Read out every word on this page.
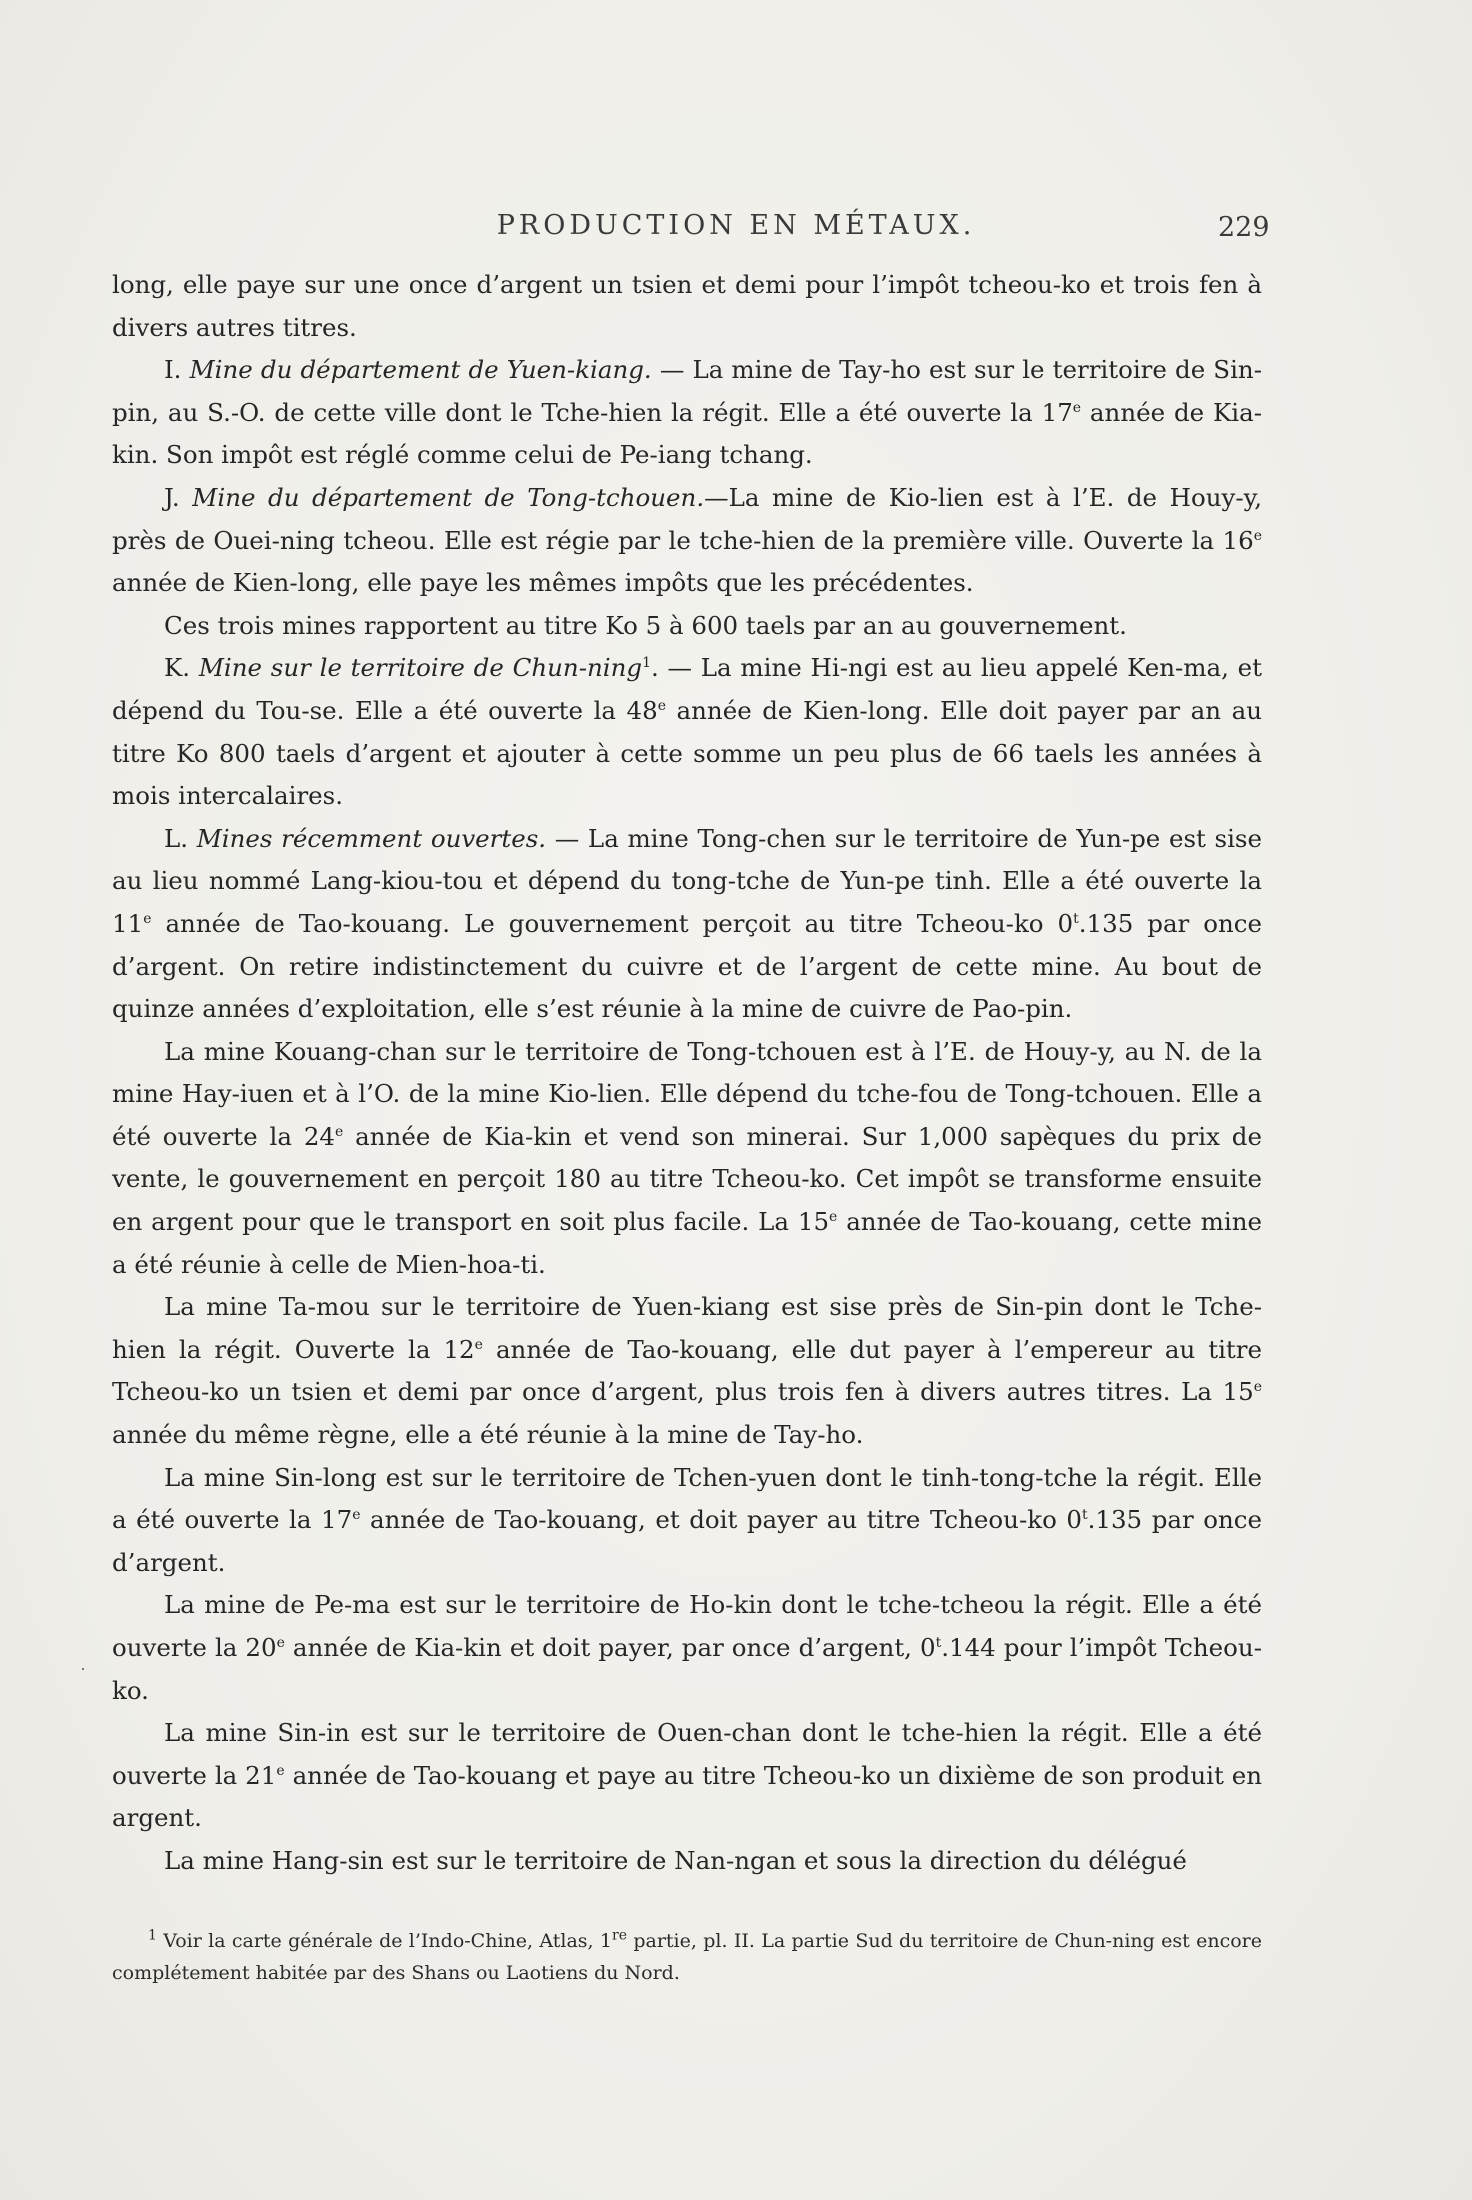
PRODUCTION EN MÉTAUX.	229

long, elle paye sur une once d’argent un tsien et demi pour l’impôt tcheou-ko et trois fen à divers autres titres.

I. Mine du département de Yuen-kiang. — La mine de Tay-ho est sur le territoire de Sin-pin, au S.-O. de cette ville dont le Tche-hien la régit. Elle a été ouverte la 17e année de Kia-kin. Son impôt est réglé comme celui de Pe-iang tchang.

J. Mine du département de Tong-tchouen.—La mine de Kio-lien est à l’E. de Houy-y, près de Ouei-ning tcheou. Elle est régie par le tche-hien de la première ville. Ouverte la 16e année de Kien-long, elle paye les mêmes impôts que les précédentes.

Ces trois mines rapportent au titre Ko 5 à 600 taels par an au gouvernement.

K. Mine sur le territoire de Chun-ning$^1$. — La mine Hi-ngi est au lieu appelé Ken-ma, et dépend du Tou-se. Elle a été ouverte la 48e année de Kien-long. Elle doit payer par an au titre Ko 800 taels d’argent et ajouter à cette somme un peu plus de 66 taels les années à mois intercalaires.

L. Mines récemment ouvertes. — La mine Tong-chen sur le territoire de Yun-pe est sise au lieu nommé Lang-kiou-tou et dépend du tong-tche de Yun-pe tinh. Elle a été ouverte la 11e année de Tao-kouang. Le gouvernement perçoit au titre Tcheou-ko 0$^t$.135 par once d’argent. On retire indistinctement du cuivre et de l’argent de cette mine. Au bout de quinze années d’exploitation, elle s’est réunie à la mine de cuivre de Pao-pin.

La mine Kouang-chan sur le territoire de Tong-tchouen est à l’E. de Houy-y, au N. de la mine Hay-iuen et à l’O. de la mine Kio-lien. Elle dépend du tche-fou de Tong-tchouen. Elle a été ouverte la 24e année de Kia-kin et vend son minerai. Sur 1,000 sapèques du prix de vente, le gouvernement en perçoit 180 au titre Tcheou-ko. Cet impôt se transforme ensuite en argent pour que le transport en soit plus facile. La 15e année de Tao-kouang, cette mine a été réunie à celle de Mien-hoa-ti.

La mine Ta-mou sur le territoire de Yuen-kiang est sise près de Sin-pin dont le Tche-hien la régit. Ouverte la 12e année de Tao-kouang, elle dut payer à l’empereur au titre Tcheou-ko un tsien et demi par once d’argent, plus trois fen à divers autres titres. La 15e année du même règne, elle a été réunie à la mine de Tay-ho.

La mine Sin-long est sur le territoire de Tchen-yuen dont le tinh-tong-tche la régit. Elle a été ouverte la 17e année de Tao-kouang, et doit payer au titre Tcheou-ko 0$^t$.135 par once d’argent.

La mine de Pe-ma est sur le territoire de Ho-kin dont le tche-tcheou la régit. Elle a été ouverte la 20e année de Kia-kin et doit payer, par once d’argent, 0$^t$.144 pour l’impôt Tcheou-ko.

La mine Sin-in est sur le territoire de Ouen-chan dont le tche-hien la régit. Elle a été ouverte la 21e année de Tao-kouang et paye au titre Tcheou-ko un dixième de son produit en argent.

La mine Hang-sin est sur le territoire de Nan-ngan et sous la direction du délégué

$^1$ Voir la carte générale de l’Indo-Chine, Atlas, 1re partie, pl. II. La partie Sud du territoire de Chun-ning est encore complétement habitée par des Shans ou Laotiens du Nord.
